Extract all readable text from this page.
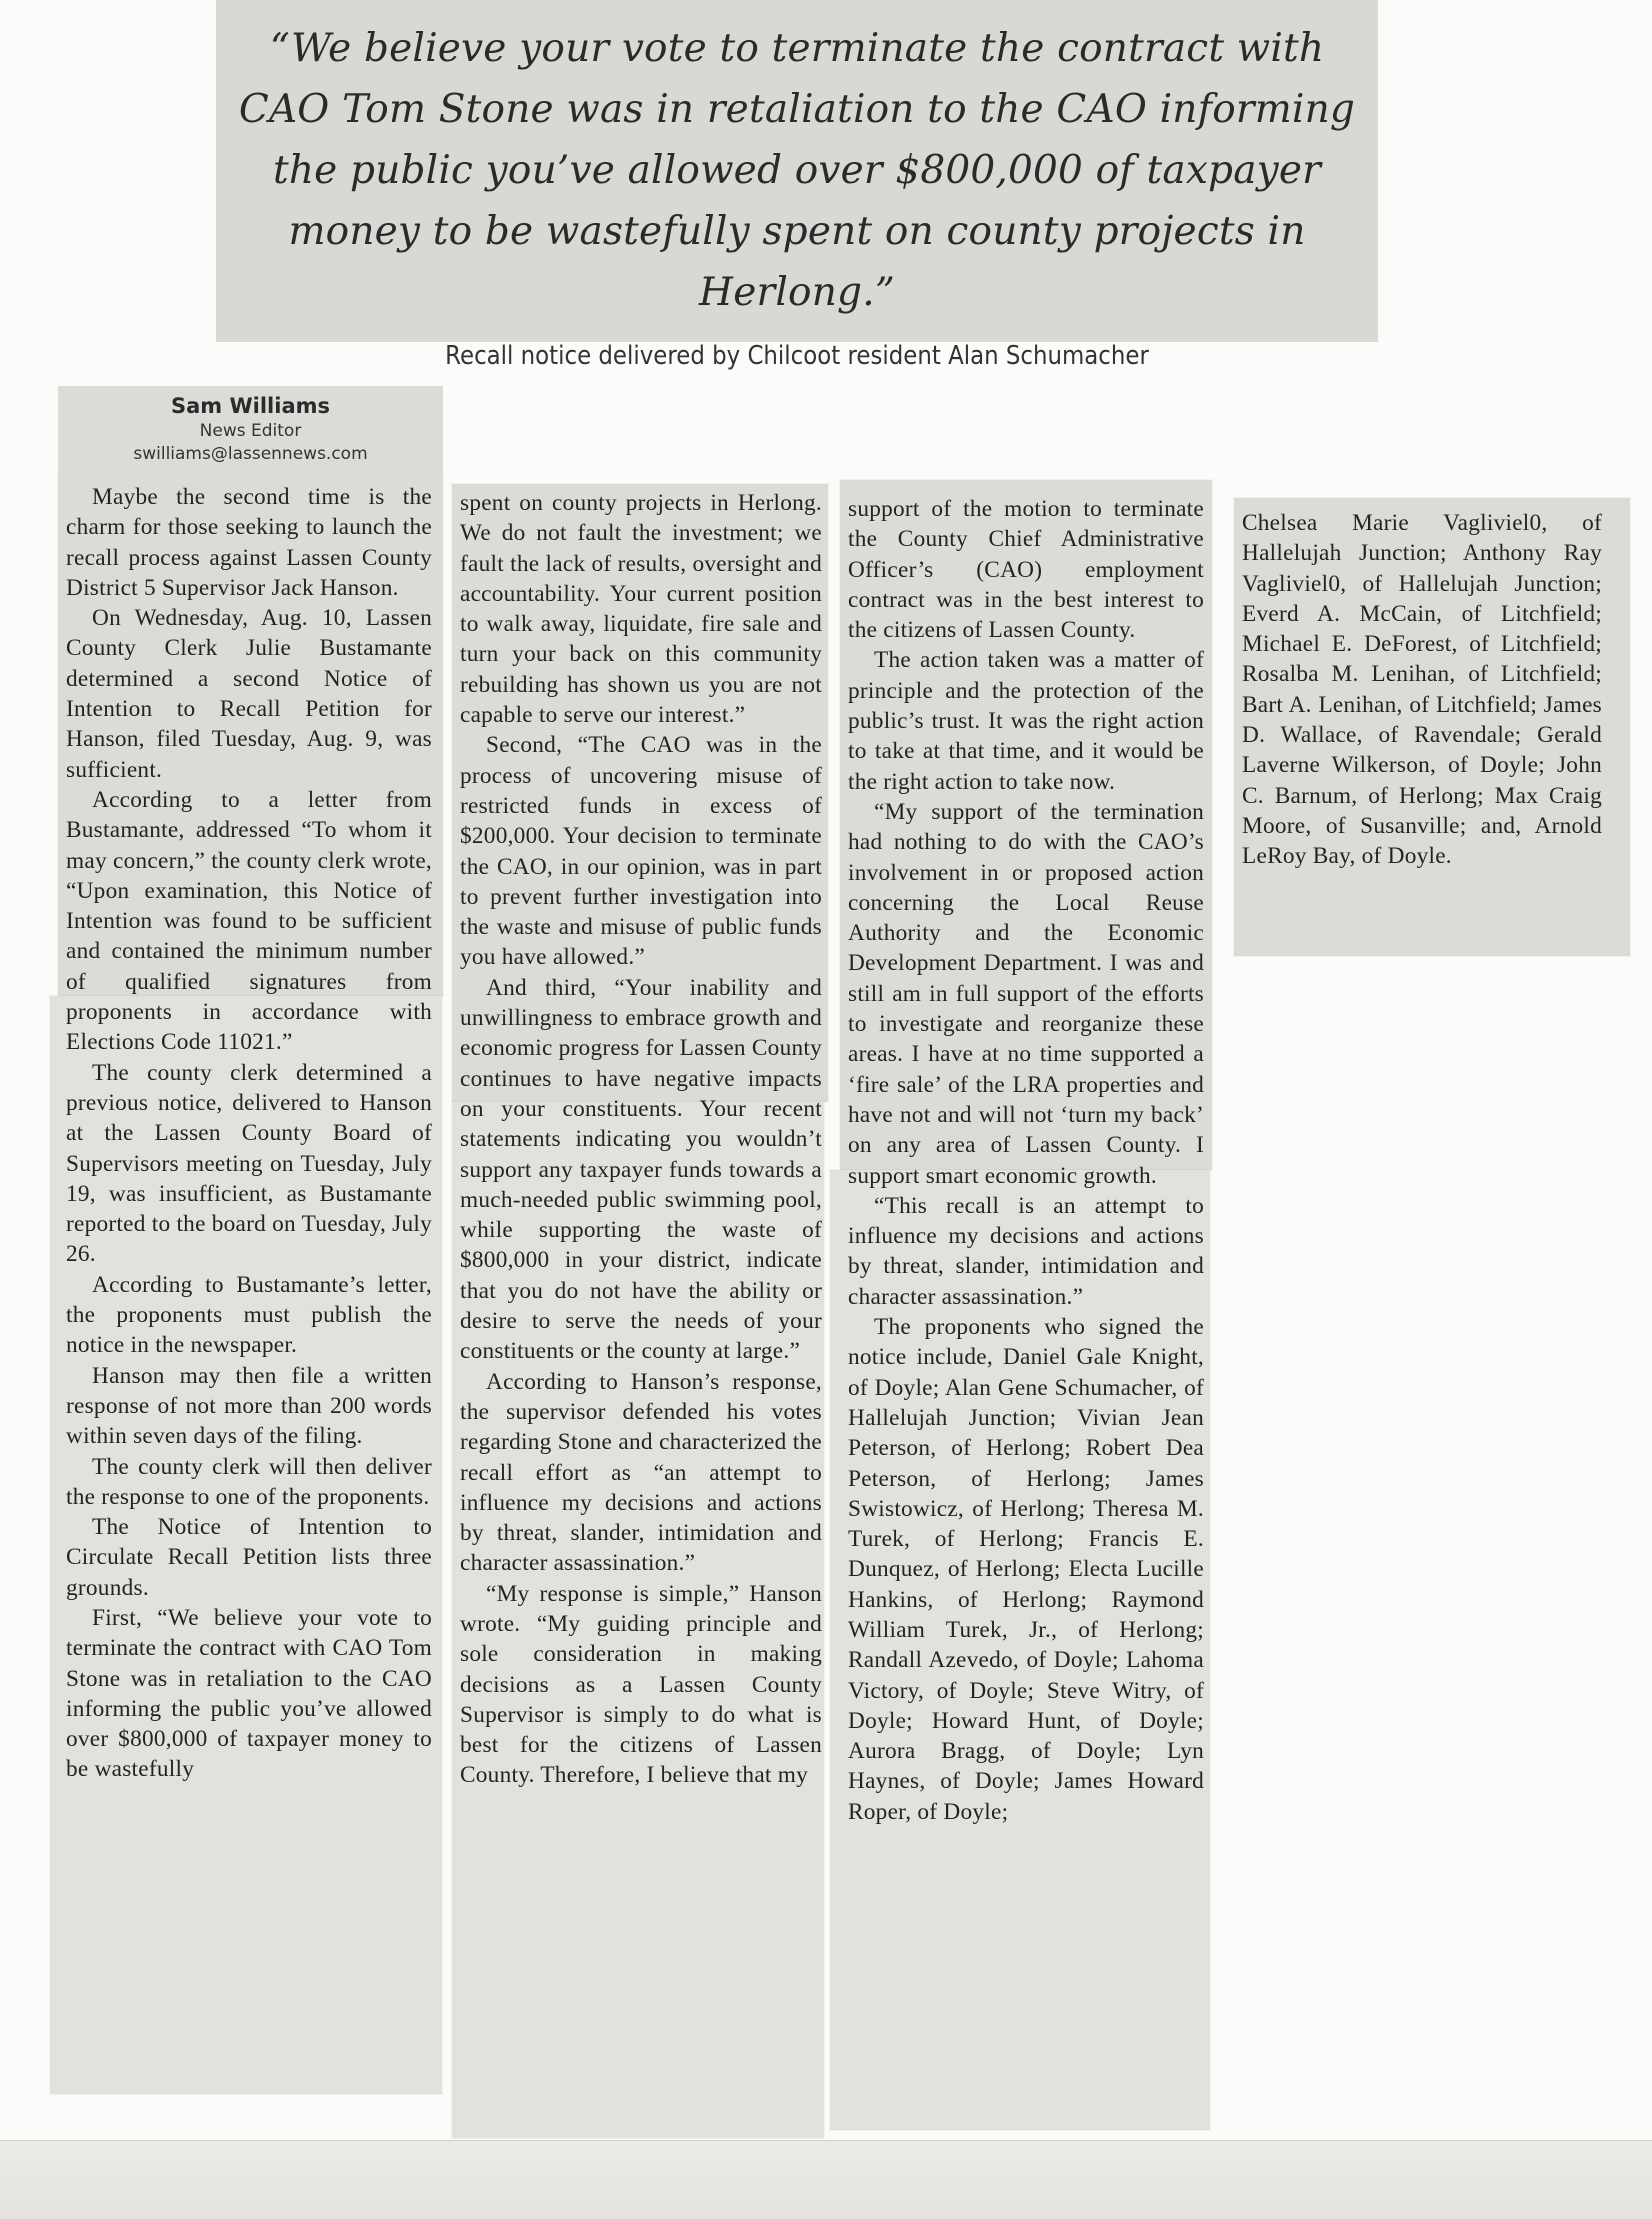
“We believe your vote to terminate the contract with CAO Tom Stone was in retaliation to the CAO informing the public you’ve allowed over $800,000 of taxpayer money to be wastefully spent on county projects in Herlong.”
Recall notice delivered by Chilcoot resident Alan Schumacher
Sam Williams
News Editor
swilliams@lassennews.com

Maybe the second time is the charm for those seeking to launch the recall process against Lassen County District 5 Supervisor Jack Hanson.

On Wednesday, Aug. 10, Lassen County Clerk Julie Bustamante determined a second Notice of Intention to Recall Petition for Hanson, filed Tuesday, Aug. 9, was sufficient.

According to a letter from Bustamante, addressed “To whom it may concern,” the county clerk wrote, “Upon examination, this Notice of Intention was found to be sufficient and contained the minimum number of qualified signatures from proponents in accordance with Elections Code 11021.”

The county clerk determined a previous notice, delivered to Hanson at the Lassen County Board of Supervisors meeting on Tuesday, July 19, was insufficient, as Bustamante reported to the board on Tuesday, July 26.

According to Bustamante’s letter, the proponents must publish the notice in the newspaper.

Hanson may then file a written response of not more than 200 words within seven days of the filing.

The county clerk will then deliver the response to one of the proponents.

The Notice of Intention to Circulate Recall Petition lists three grounds.

First, “We believe your vote to terminate the contract with CAO Tom Stone was in retaliation to the CAO informing the public you’ve allowed over $800,000 of taxpayer money to be wastefully

spent on county projects in Herlong. We do not fault the investment; we fault the lack of results, oversight and accountability. Your current position to walk away, liquidate, fire sale and turn your back on this community rebuilding has shown us you are not capable to serve our interest.”

Second, “The CAO was in the process of uncovering misuse of restricted funds in excess of $200,000. Your decision to terminate the CAO, in our opinion, was in part to prevent further investigation into the waste and misuse of public funds you have allowed.”

And third, “Your inability and unwillingness to embrace growth and economic progress for Lassen County continues to have negative impacts on your constituents. Your recent statements indicating you wouldn’t support any taxpayer funds towards a much-needed public swimming pool, while supporting the waste of $800,000 in your district, indicate that you do not have the ability or desire to serve the needs of your constituents or the county at large.”

According to Hanson’s response, the supervisor defended his votes regarding Stone and characterized the recall effort as “an attempt to influence my decisions and actions by threat, slander, intimidation and character assassination.”

“My response is simple,” Hanson wrote. “My guiding principle and sole consideration in making decisions as a Lassen County Supervisor is simply to do what is best for the citizens of Lassen County. Therefore, I believe that my

support of the motion to terminate the County Chief Administrative Officer’s (CAO) employment contract was in the best interest to the citizens of Lassen County.

The action taken was a matter of principle and the protection of the public’s trust. It was the right action to take at that time, and it would be the right action to take now.

“My support of the termination had nothing to do with the CAO’s involvement in or proposed action concerning the Local Reuse Authority and the Economic Development Department. I was and still am in full support of the efforts to investigate and reorganize these areas. I have at no time supported a ‘fire sale’ of the LRA properties and have not and will not ‘turn my back’ on any area of Lassen County. I support smart economic growth.

“This recall is an attempt to influence my decisions and actions by threat, slander, intimidation and character assassination.”

The proponents who signed the notice include, Daniel Gale Knight, of Doyle; Alan Gene Schumacher, of Hallelujah Junction; Vivian Jean Peterson, of Herlong; Robert Dea Peterson, of Herlong; James Swistowicz, of Herlong; Theresa M. Turek, of Herlong; Francis E. Dunquez, of Herlong; Electa Lucille Hankins, of Herlong; Raymond William Turek, Jr., of Herlong; Randall Azevedo, of Doyle; Lahoma Victory, of Doyle; Steve Witry, of Doyle; Howard Hunt, of Doyle; Aurora Bragg, of Doyle; Lyn Haynes, of Doyle; James Howard Roper, of Doyle;

Chelsea Marie Vagliviel0, of Hallelujah Junction; Anthony Ray Vagliviel0, of Hallelujah Junction; Everd A. McCain, of Litchfield; Michael E. DeForest, of Litchfield; Rosalba M. Lenihan, of Litchfield; Bart A. Lenihan, of Litchfield; James D. Wallace, of Ravendale; Gerald Laverne Wilkerson, of Doyle; John C. Barnum, of Herlong; Max Craig Moore, of Susanville; and, Arnold LeRoy Bay, of Doyle.
